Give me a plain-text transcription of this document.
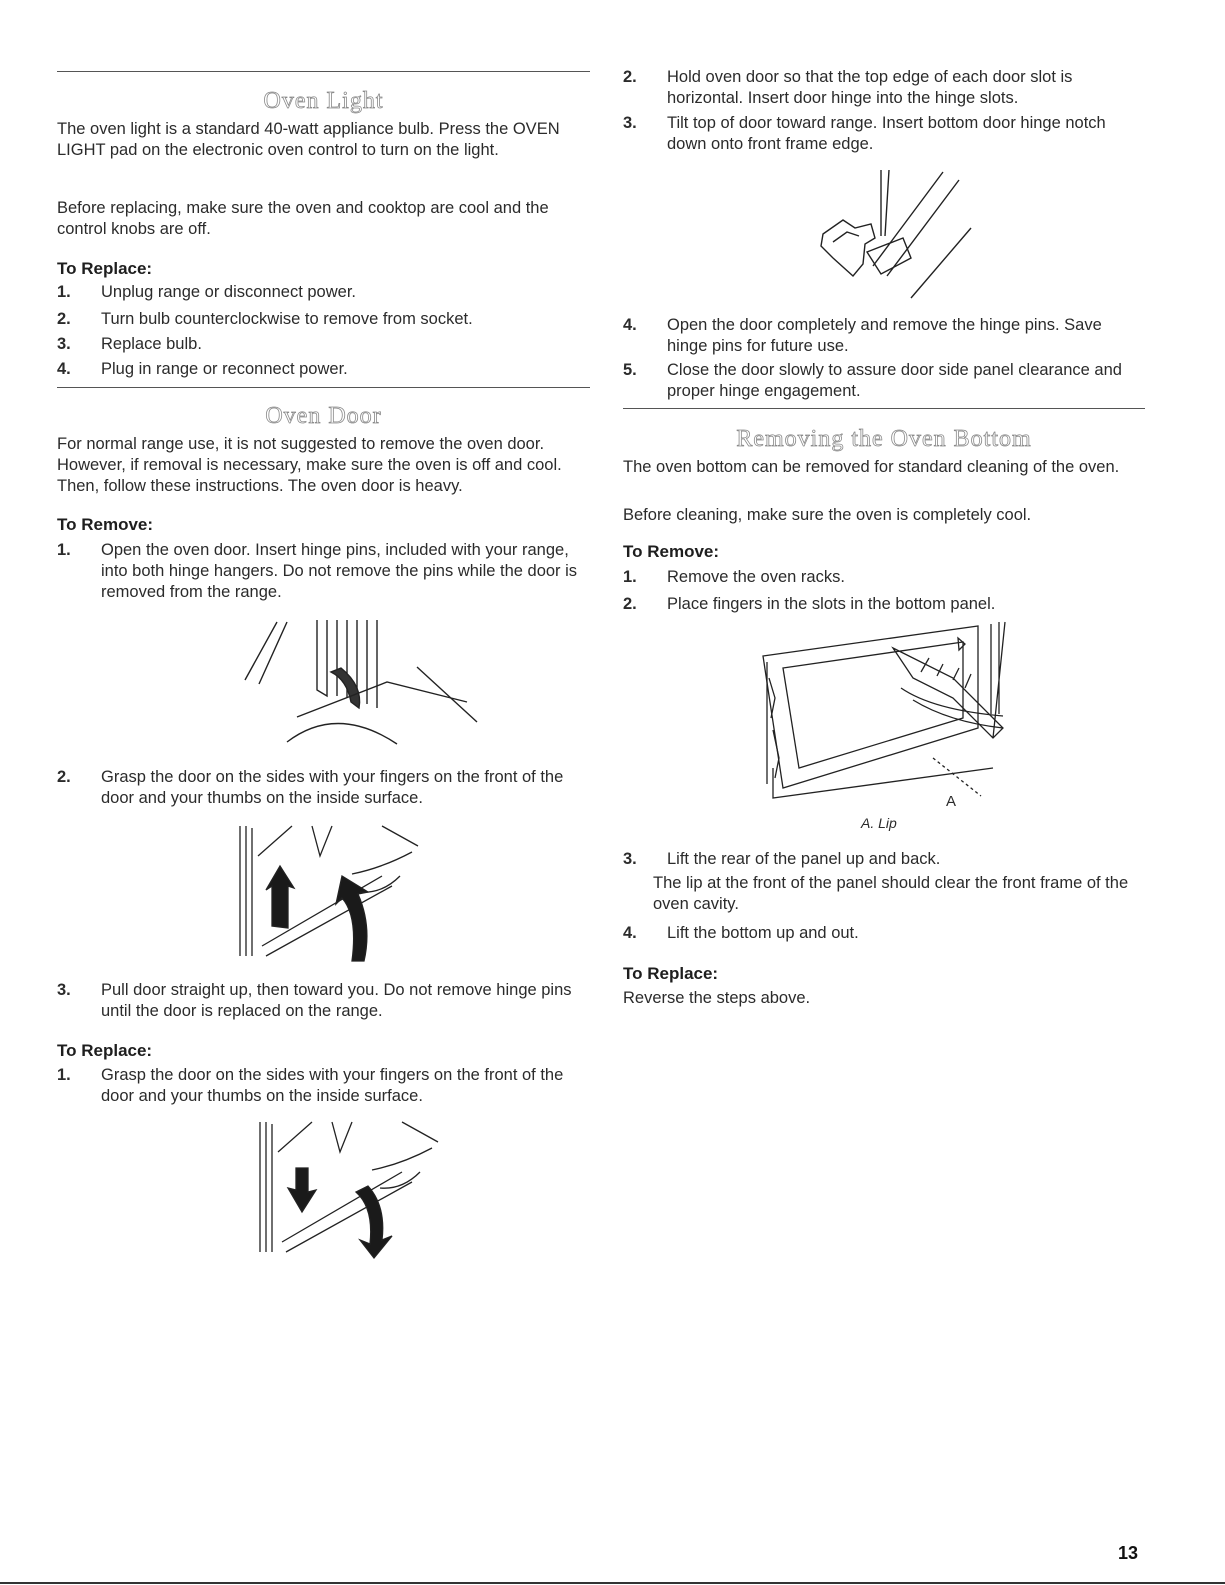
Oven Light

The oven light is a standard 40-watt appliance bulb. Press the OVEN LIGHT pad on the electronic oven control to turn on the light.

Before replacing, make sure the oven and cooktop are cool and the control knobs are off.

To Replace:
1. Unplug range or disconnect power.
2. Turn bulb counterclockwise to remove from socket.
3. Replace bulb.
4. Plug in range or reconnect power.
Oven Door

For normal range use, it is not suggested to remove the oven door. However, if removal is necessary, make sure the oven is off and cool. Then, follow these instructions. The oven door is heavy.

To Remove:
1. Open the oven door. Insert hinge pins, included with your range, into both hinge hangers. Do not remove the pins while the door is removed from the range.
2. Grasp the door on the sides with your fingers on the front of the door and your thumbs on the inside surface.
3. Pull door straight up, then toward you. Do not remove hinge pins until the door is replaced on the range.
To Replace:
1. Grasp the door on the sides with your fingers on the front of the door and your thumbs on the inside surface.
2. Hold oven door so that the top edge of each door slot is horizontal. Insert door hinge into the hinge slots.
3. Tilt top of door toward range. Insert bottom door hinge notch down onto front frame edge.
4. Open the door completely and remove the hinge pins. Save hinge pins for future use.
5. Close the door slowly to assure door side panel clearance and proper hinge engagement.
Removing the Oven Bottom

The oven bottom can be removed for standard cleaning of the oven.

Before cleaning, make sure the oven is completely cool.

To Remove:
1. Remove the oven racks.
2. Place fingers in the slots in the bottom panel.
A
A. Lip
3. Lift the rear of the panel up and back.

The lip at the front of the panel should clear the front frame of the oven cavity.

4. Lift the bottom up and out.
To Replace:

Reverse the steps above.

13
